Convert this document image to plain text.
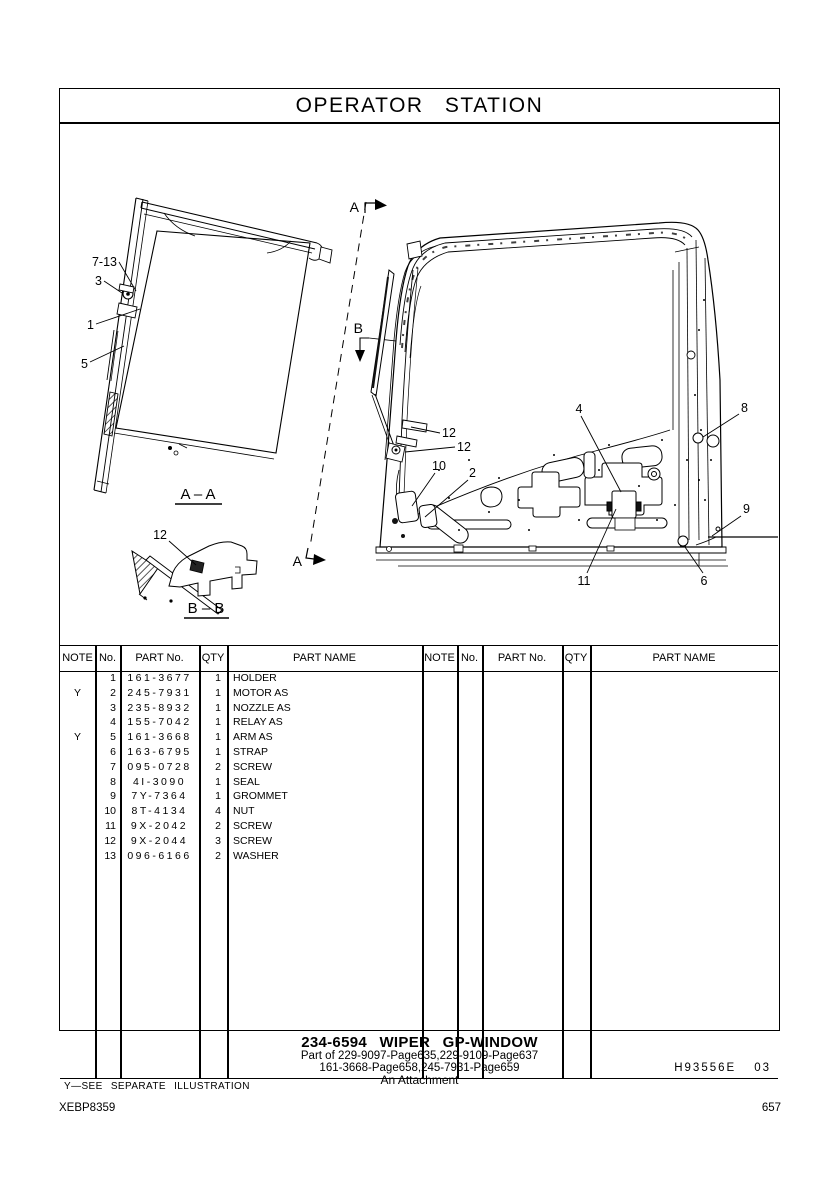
OPERATOR STATION
7-13
3
1
5
A – A
12
B – B
A
A
B
12
12
10 2
4	8
9
11	6
NOTE No.	PART No.	QTY	PART NAME	NOTE No.	PART No.	QTY	PART NAME
1	161-3677	1	HOLDER
Y	2	245-7931	1	MOTOR AS
3	235-8932	1	NOZZLE AS
4	155-7042	1	RELAY AS
Y	5	161-3668	1	ARM AS
6	163-6795	1	STRAP
7	095-0728	2	SCREW
8	4I-3090	1	SEAL
9	7Y-7364	1	GROMMET
10	8T-4134	4	NUT
11	9X-2042	2	SCREW
12	9X-2044	3	SCREW
13	096-6166	2	WASHER
Y—SEE SEPARATE ILLUSTRATION
H93556E 03
234-6594 WIPER GP-WINDOW
Part of 229-9097-Page635,229-9109-Page637
161-3668-Page658,245-7931-Page659
An Attachment
XEBP8359	657
